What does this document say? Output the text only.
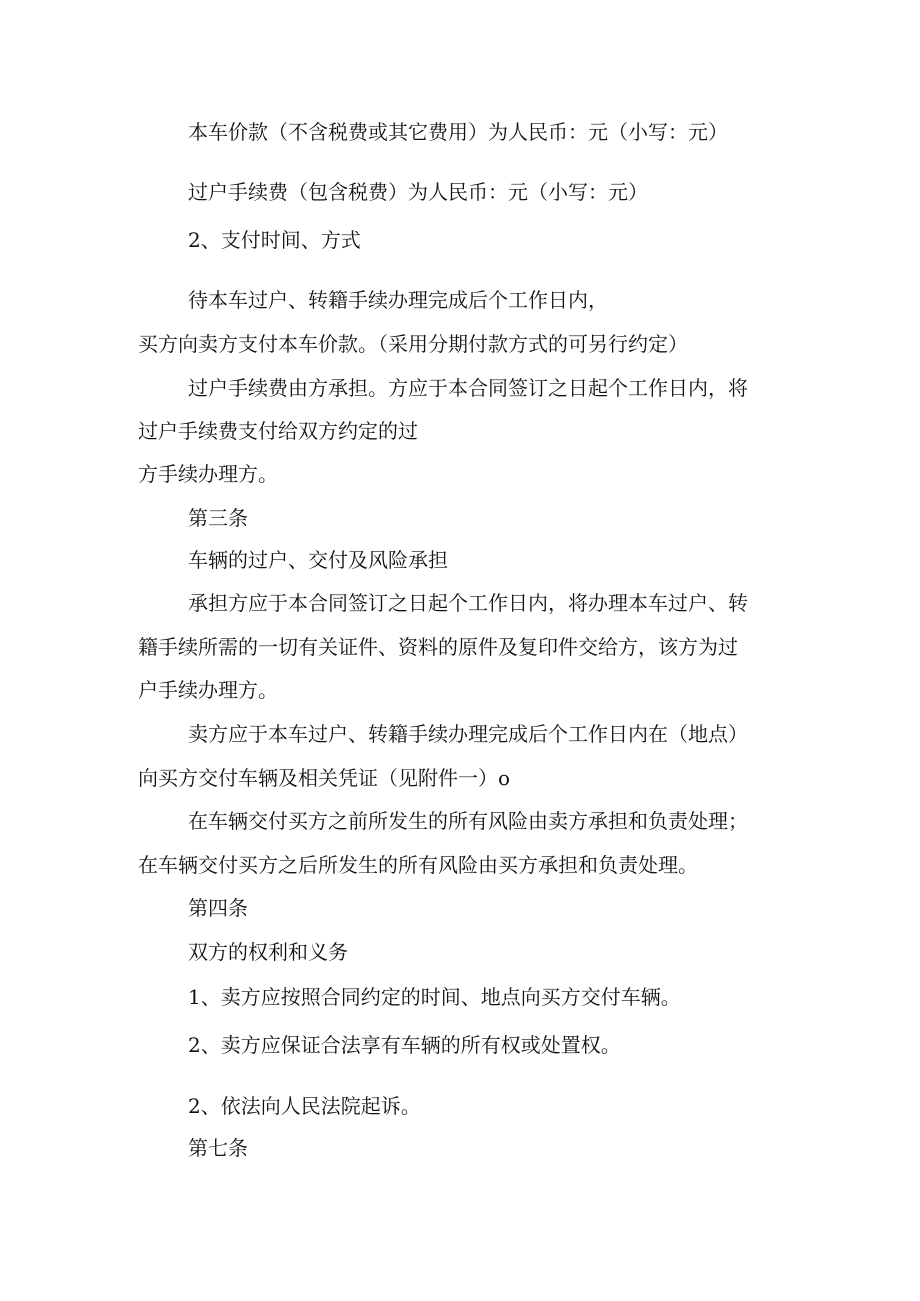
本车价款（不含税费或其它费用）为人民币：元（小写：元）

过户手续费（包含税费）为人民币：元（小写：元）

2、支付时间、方式

待本车过户、转籍手续办理完成后个工作日内，

买方向卖方支付本车价款。（采用分期付款方式的可另行约定）

过户手续费由方承担。方应于本合同签订之日起个工作日内，将

过户手续费支付给双方约定的过

方手续办理方。

第三条

车辆的过户、交付及风险承担

承担方应于本合同签订之日起个工作日内，将办理本车过户、转

籍手续所需的一切有关证件、资料的原件及复印件交给方，该方为过

户手续办理方。

卖方应于本车过户、转籍手续办理完成后个工作日内在（地点）

向买方交付车辆及相关凭证（见附件一）o

在车辆交付买方之前所发生的所有风险由卖方承担和负责处理；

在车辆交付买方之后所发生的所有风险由买方承担和负责处理。

第四条

双方的权利和义务

1、卖方应按照合同约定的时间、地点向买方交付车辆。

2、卖方应保证合法享有车辆的所有权或处置权。

2、依法向人民法院起诉。

第七条
